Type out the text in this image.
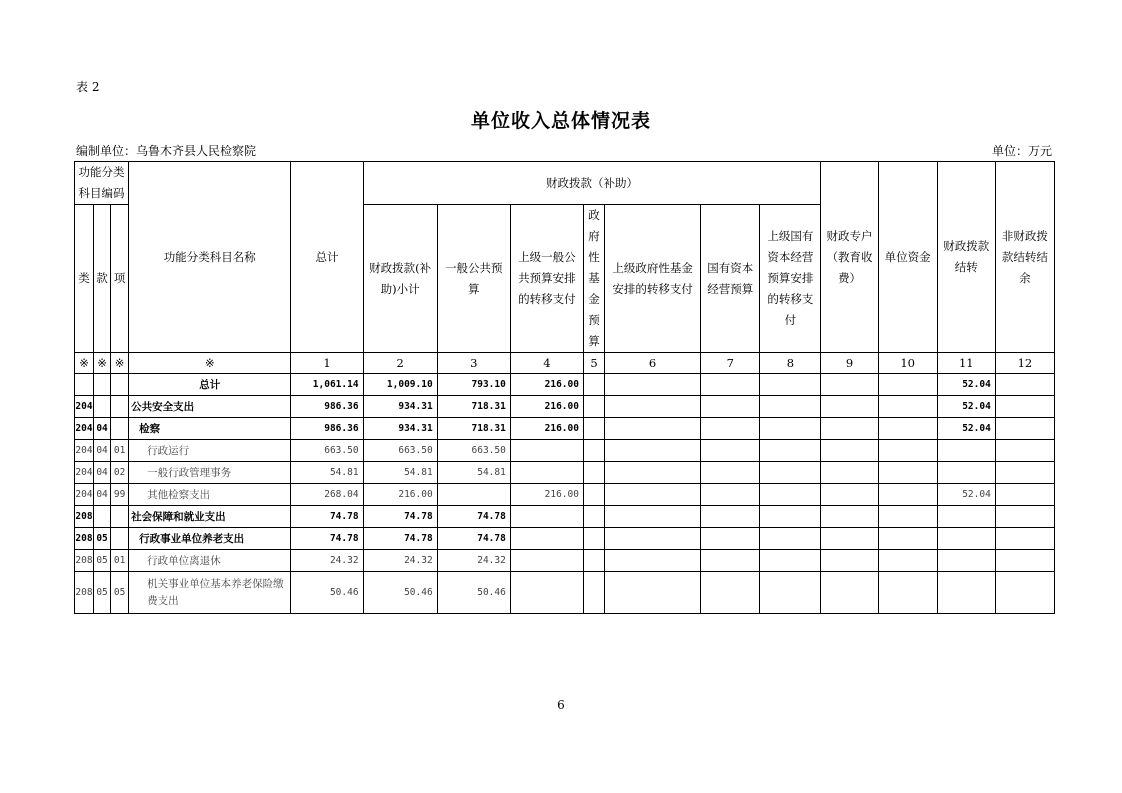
表 2
单位收入总体情况表
编制单位：乌鲁木齐县人民检察院	单位：万元
功能分类科目编码			功能分类科目名称	总计	财政拨款（补助）							财政专户（教育收费）	单位资金	财政拨款结转	非财政拨款结转结余
类	款	项			财政拨款(补助)小计	一般公共预算	上级一般公共预算安排的转移支付	政府性基金预算	上级政府性基金安排的转移支付	国有资本经营预算	上级国有资本经营预算安排的转移支付				
※	※	※	※	1	2	3	4	5	6	7	8	9	10	11	12
			总计	1,061.14	1,009.10	793.10	216.00							52.04	
204			公共安全支出	986.36	934.31	718.31	216.00							52.04	
204	04		检察	986.36	934.31	718.31	216.00							52.04	
204	04	01	行政运行	663.50	663.50	663.50									
204	04	02	一般行政管理事务	54.81	54.81	54.81									
204	04	99	其他检察支出	268.04	216.00		216.00							52.04	
208			社会保障和就业支出	74.78	74.78	74.78									
208	05		行政事业单位养老支出	74.78	74.78	74.78									
208	05	01	行政单位离退休	24.32	24.32	24.32									
208	05	05	机关事业单位基本养老保险缴费支出	50.46	50.46	50.46									
6
